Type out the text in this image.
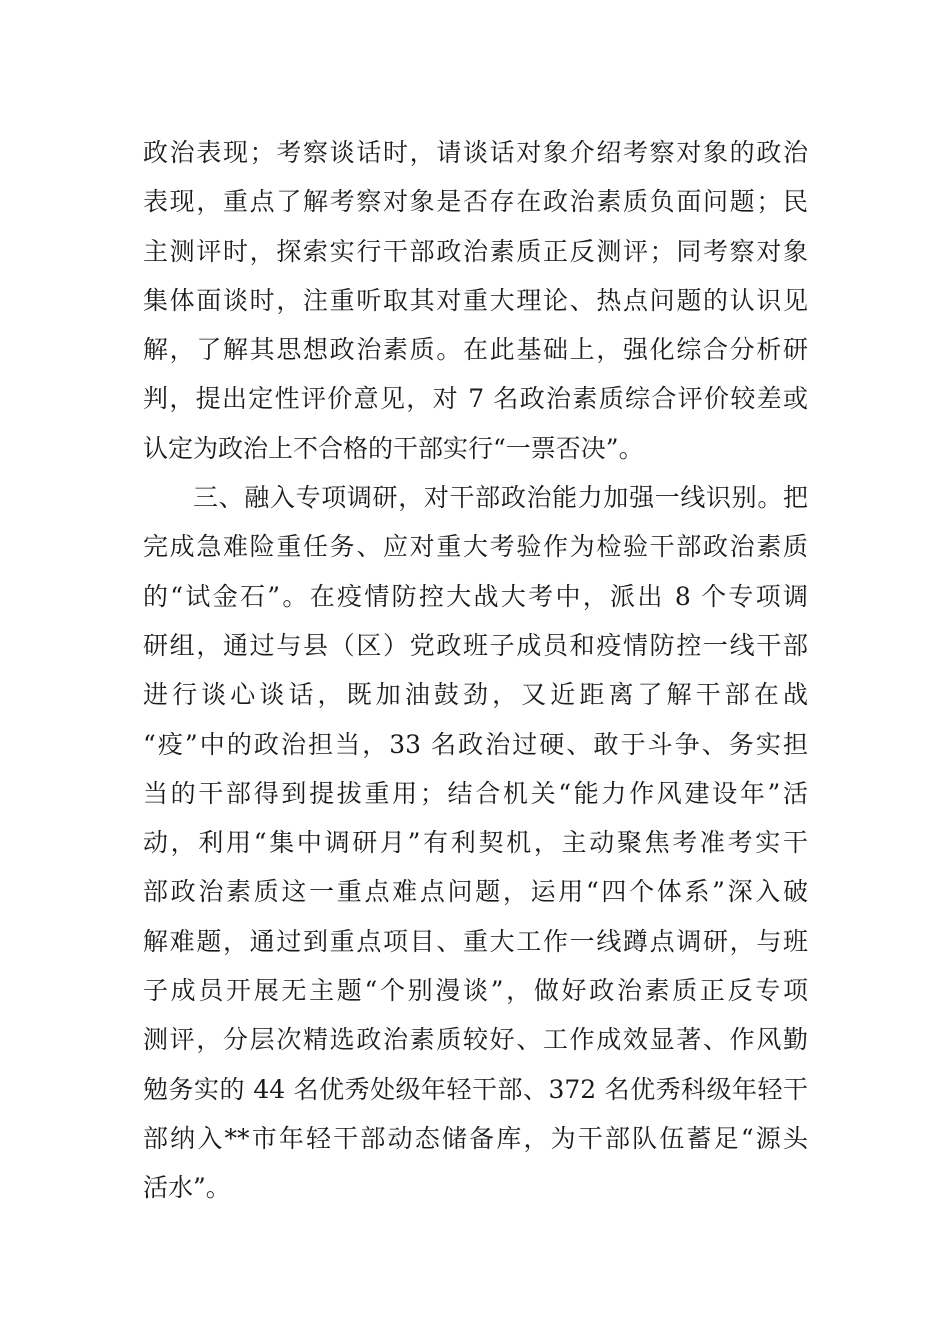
政治表现；考察谈话时，请谈话对象介绍考察对象的政治
表现，重点了解考察对象是否存在政治素质负面问题；民
主测评时，探索实行干部政治素质正反测评；同考察对象
集体面谈时，注重听取其对重大理论、热点问题的认识见
解，了解其思想政治素质。在此基础上，强化综合分析研
判，提出定性评价意见，对 7 名政治素质综合评价较差或
认定为政治上不合格的干部实行“一票否决”。
三、融入专项调研，对干部政治能力加强一线识别。把
完成急难险重任务、应对重大考验作为检验干部政治素质
的“试金石”。在疫情防控大战大考中，派出 8 个专项调
研组，通过与县（区）党政班子成员和疫情防控一线干部
进行谈心谈话，既加油鼓劲，又近距离了解干部在战
“疫”中的政治担当，33 名政治过硬、敢于斗争、务实担
当的干部得到提拔重用；结合机关“能力作风建设年”活
动，利用“集中调研月”有利契机，主动聚焦考准考实干
部政治素质这一重点难点问题，运用“四个体系”深入破
解难题，通过到重点项目、重大工作一线蹲点调研，与班
子成员开展无主题“个别漫谈”，做好政治素质正反专项
测评，分层次精选政治素质较好、工作成效显著、作风勤
勉务实的 44 名优秀处级年轻干部、372 名优秀科级年轻干
部纳入**市年轻干部动态储备库，为干部队伍蓄足“源头
活水”。
